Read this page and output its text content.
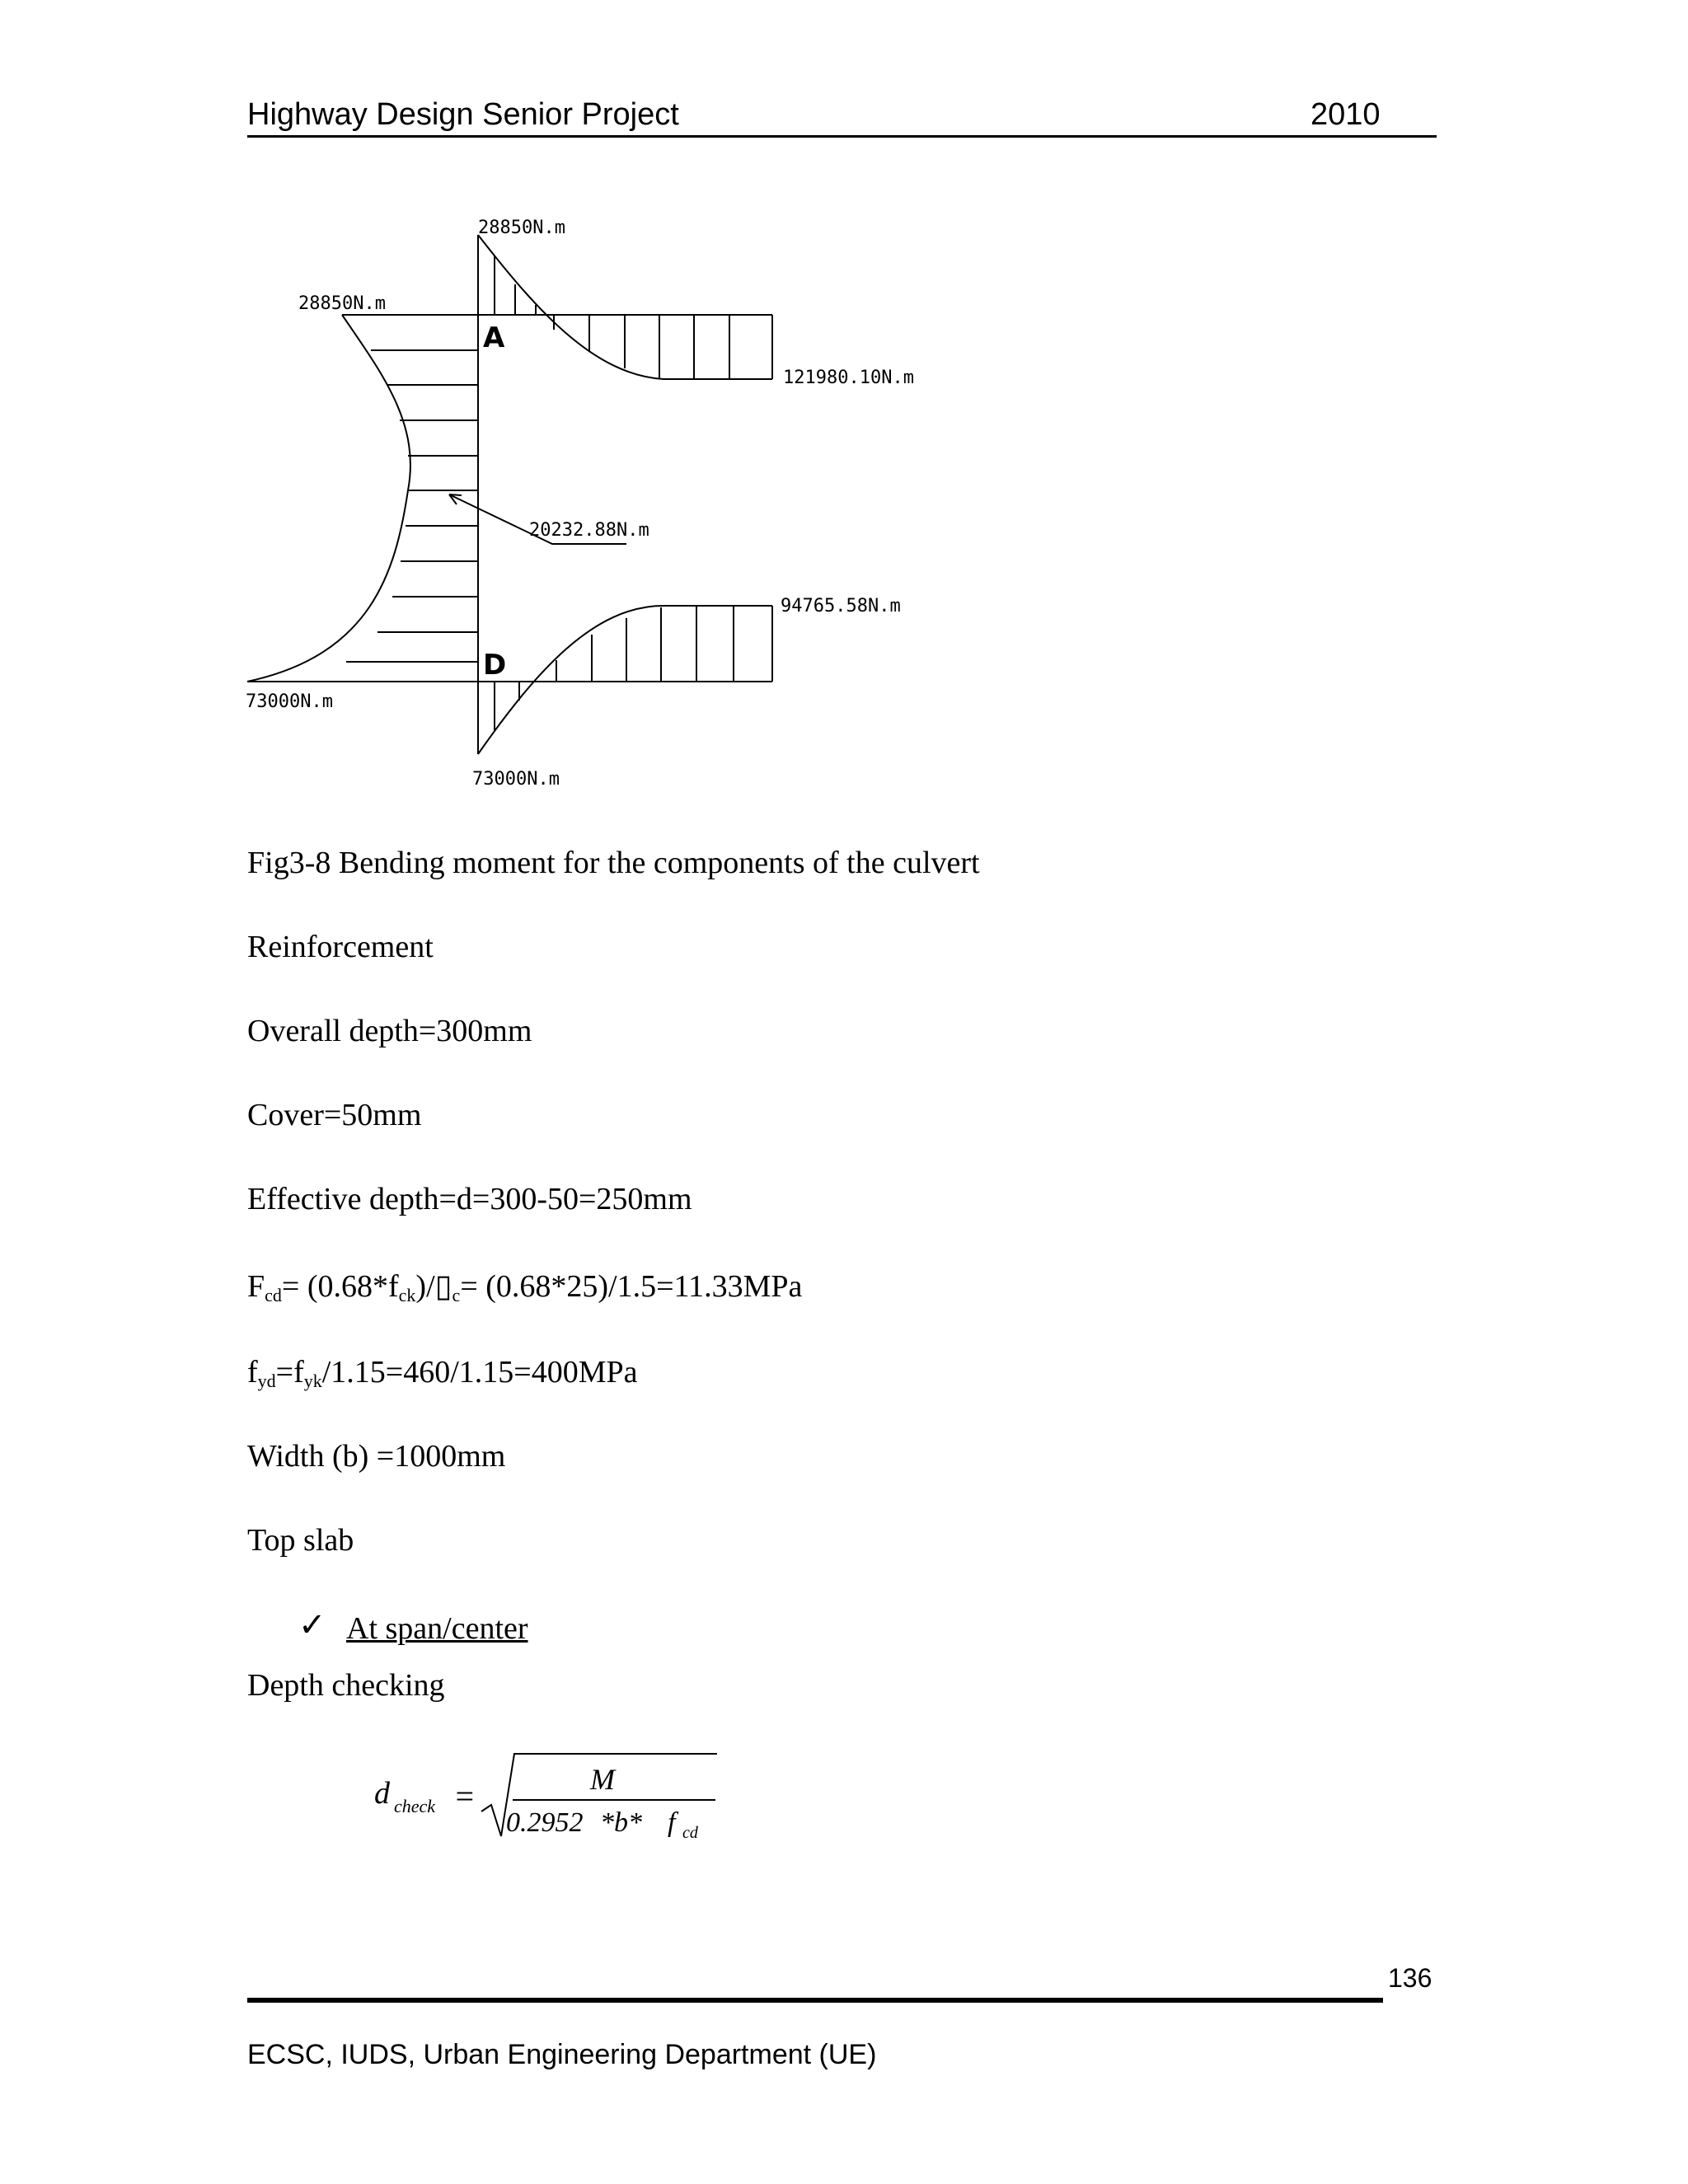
Highway Design Senior Project	2010
28850N.m
28850N.m
121980.10N.m
20232.88N.m
94765.58N.m
73000N.m
73000N.m
A
D
Fig3-8 Bending moment for the components of the culvert
Reinforcement
Overall depth=300mm
Cover=50mm
Effective depth=d=300-50=250mm
$F_{cd}=$ $(0.68*f_{ck})/▯_c= (0.68*25)/1.5=11.33MPa$
$f_{yd}=f_{yk}/1.15=460/1.15=400MPa$
Width (b) =1000mm
Top slab
✓ At span/center
Depth checking
d check =	M
0.2952 *b* f cd
136
ECSC, IUDS, Urban Engineering Department (UE)
